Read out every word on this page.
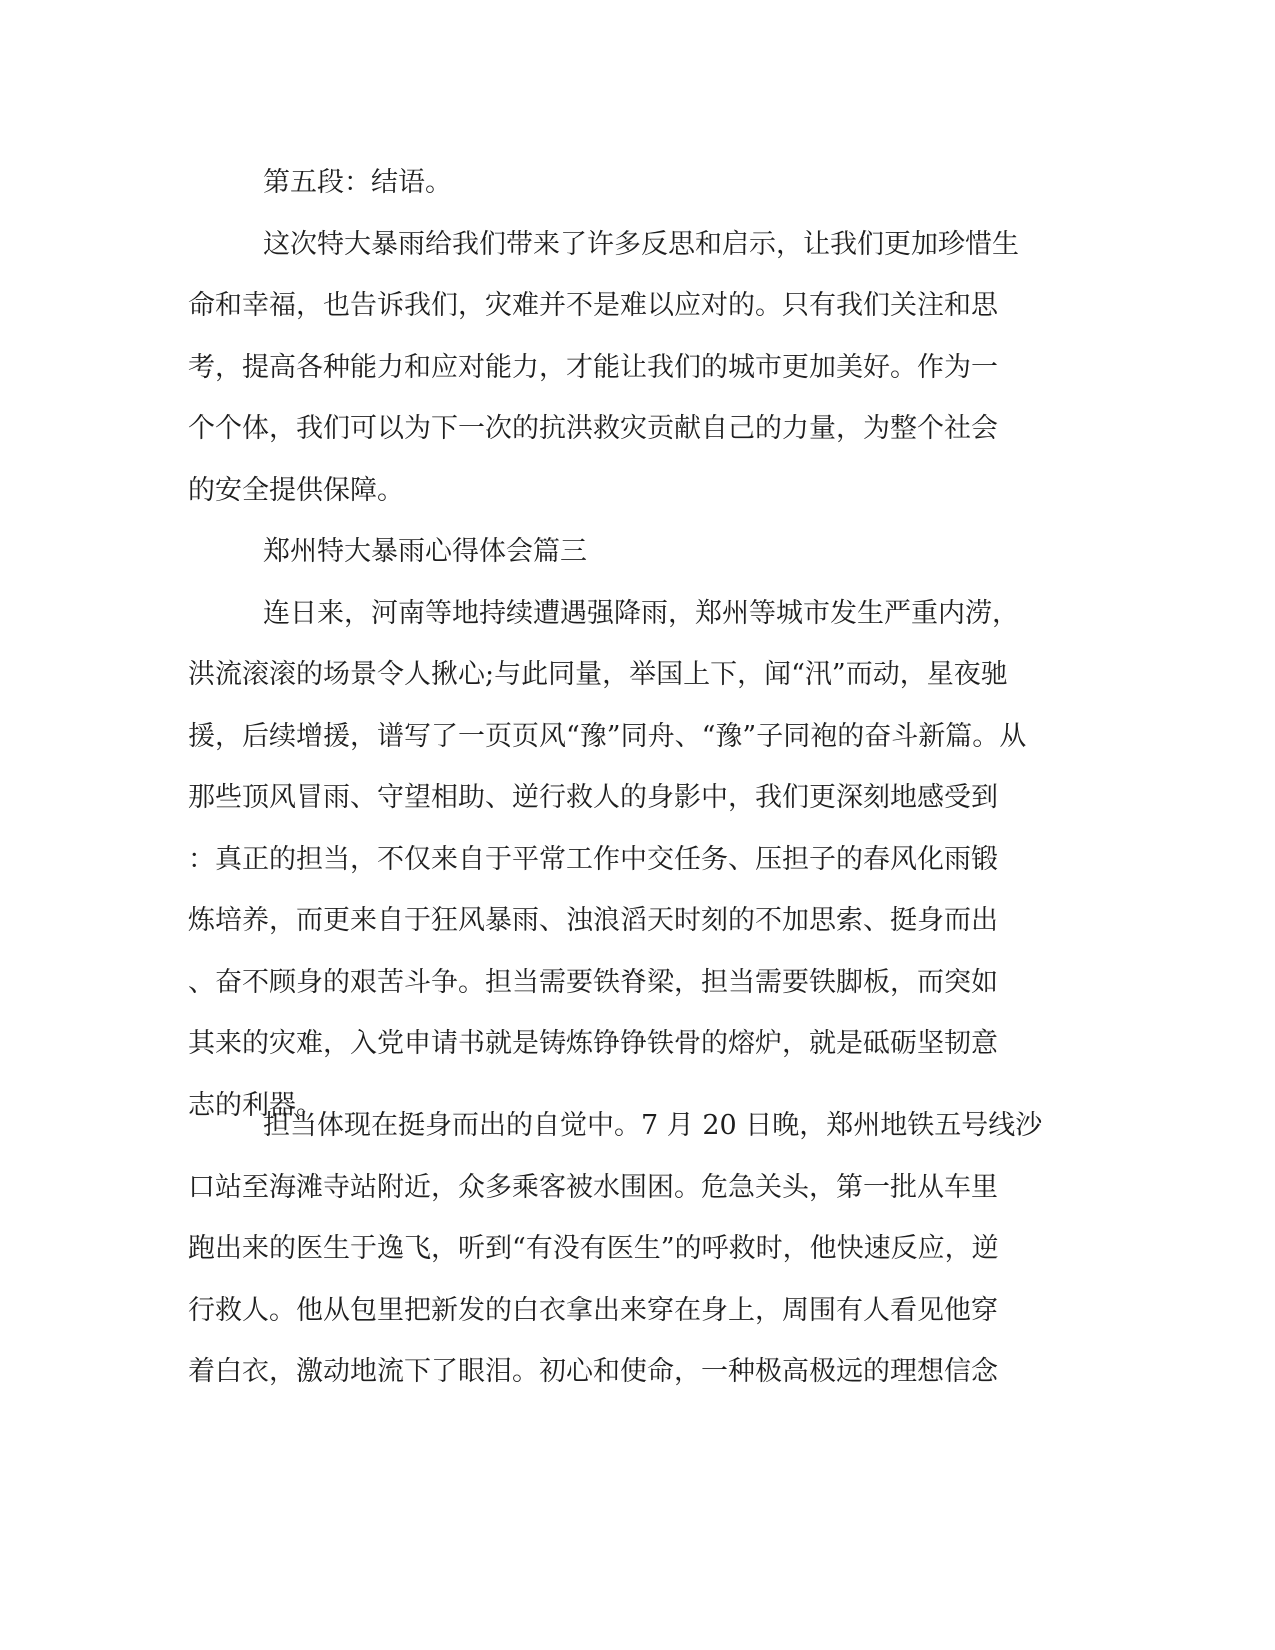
第五段：结语。
这次特大暴雨给我们带来了许多反思和启示，让我们更加珍惜生
命和幸福，也告诉我们，灾难并不是难以应对的。只有我们关注和思
考，提高各种能力和应对能力，才能让我们的城市更加美好。作为一
个个体，我们可以为下一次的抗洪救灾贡献自己的力量，为整个社会
的安全提供保障。
郑州特大暴雨心得体会篇三
连日来，河南等地持续遭遇强降雨，郑州等城市发生严重内涝，
洪流滚滚的场景令人揪心;与此同量，举国上下，闻“汛”而动，星夜驰
援，后续增援，谱写了一页页风“豫”同舟、“豫”子同袍的奋斗新篇。从
那些顶风冒雨、守望相助、逆行救人的身影中，我们更深刻地感受到
：真正的担当，不仅来自于平常工作中交任务、压担子的春风化雨锻
炼培养，而更来自于狂风暴雨、浊浪滔天时刻的不加思索、挺身而出
、奋不顾身的艰苦斗争。担当需要铁脊梁，担当需要铁脚板，而突如
其来的灾难，入党申请书就是铸炼铮铮铁骨的熔炉，就是砥砺坚韧意
志的利器。
担当体现在挺身而出的自觉中。7 月 20 日晚，郑州地铁五号线沙
口站至海滩寺站附近，众多乘客被水围困。危急关头，第一批从车里
跑出来的医生于逸飞，听到“有没有医生”的呼救时，他快速反应，逆
行救人。他从包里把新发的白衣拿出来穿在身上，周围有人看见他穿
着白衣，激动地流下了眼泪。初心和使命，一种极高极远的理想信念
